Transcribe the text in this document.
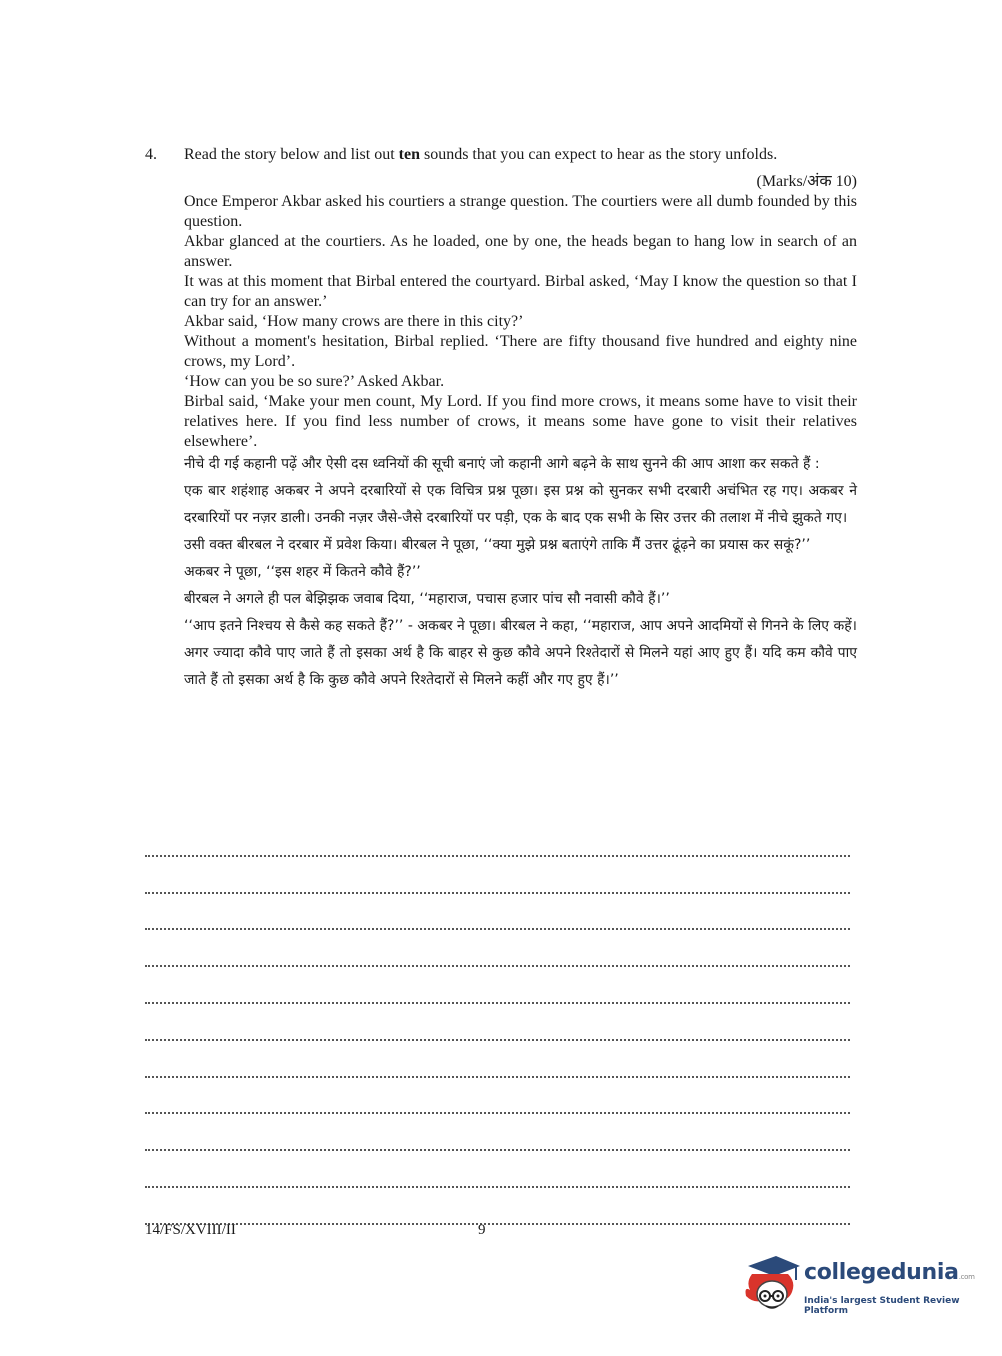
4. Read the story below and list out ten sounds that you can expect to hear as the story unfolds.
(Marks/अंक 10)

Once Emperor Akbar asked his courtiers a strange question. The courtiers were all dumb founded by this question.

Akbar glanced at the courtiers. As he loaded, one by one, the heads began to hang low in search of an answer.

It was at this moment that Birbal entered the courtyard. Birbal asked, ‘May I know the question so that I can try for an answer.’

Akbar said, ‘How many crows are there in this city?’

Without a moment's hesitation, Birbal replied. ‘There are fifty thousand five hundred and eighty nine crows, my Lord’.

‘How can you be so sure?’ Asked Akbar.

Birbal said, ‘Make your men count, My Lord. If you find more crows, it means some have to visit their relatives here. If you find less number of crows, it means some have gone to visit their relatives elsewhere’.

नीचे दी गई कहानी पढ़ें और ऐसी दस ध्वनियों की सूची बनाएं जो कहानी आगे बढ़ने के साथ सुनने की आप आशा कर सकते हैं :

एक बार शहंशाह अकबर ने अपने दरबारियों से एक विचित्र प्रश्न पूछा। इस प्रश्न को सुनकर सभी दरबारी अचंभित रह गए। अकबर ने दरबारियों पर नज़र डाली। उनकी नज़र जैसे-जैसे दरबारियों पर पड़ी, एक के बाद एक सभी के सिर उत्तर की तलाश में नीचे झुकते गए।

उसी वक्त बीरबल ने दरबार में प्रवेश किया। बीरबल ने पूछा, ‘‘क्या मुझे प्रश्न बताएंगे ताकि मैं उत्तर ढूंढ़ने का प्रयास कर सकूं?’’

अकबर ने पूछा, ‘‘इस शहर में कितने कौवे हैं?’’

बीरबल ने अगले ही पल बेझिझक जवाब दिया, ‘‘महाराज, पचास हजार पांच सौ नवासी कौवे हैं।’’

‘‘आप इतने निश्चय से कैसे कह सकते हैं?’’ - अकबर ने पूछा। बीरबल ने कहा, ‘‘महाराज, आप अपने आदमियों से गिनने के लिए कहें। अगर ज्यादा कौवे पाए जाते हैं तो इसका अर्थ है कि बाहर से कुछ कौवे अपने रिश्तेदारों से मिलने यहां आए हुए हैं। यदि कम कौवे पाए जाते हैं तो इसका अर्थ है कि कुछ कौवे अपने रिश्तेदारों से मिलने कहीं और गए हुए हैं।’’

14/FS/XVIII/II	9
collegedunia.com
India's largest Student Review Platform
